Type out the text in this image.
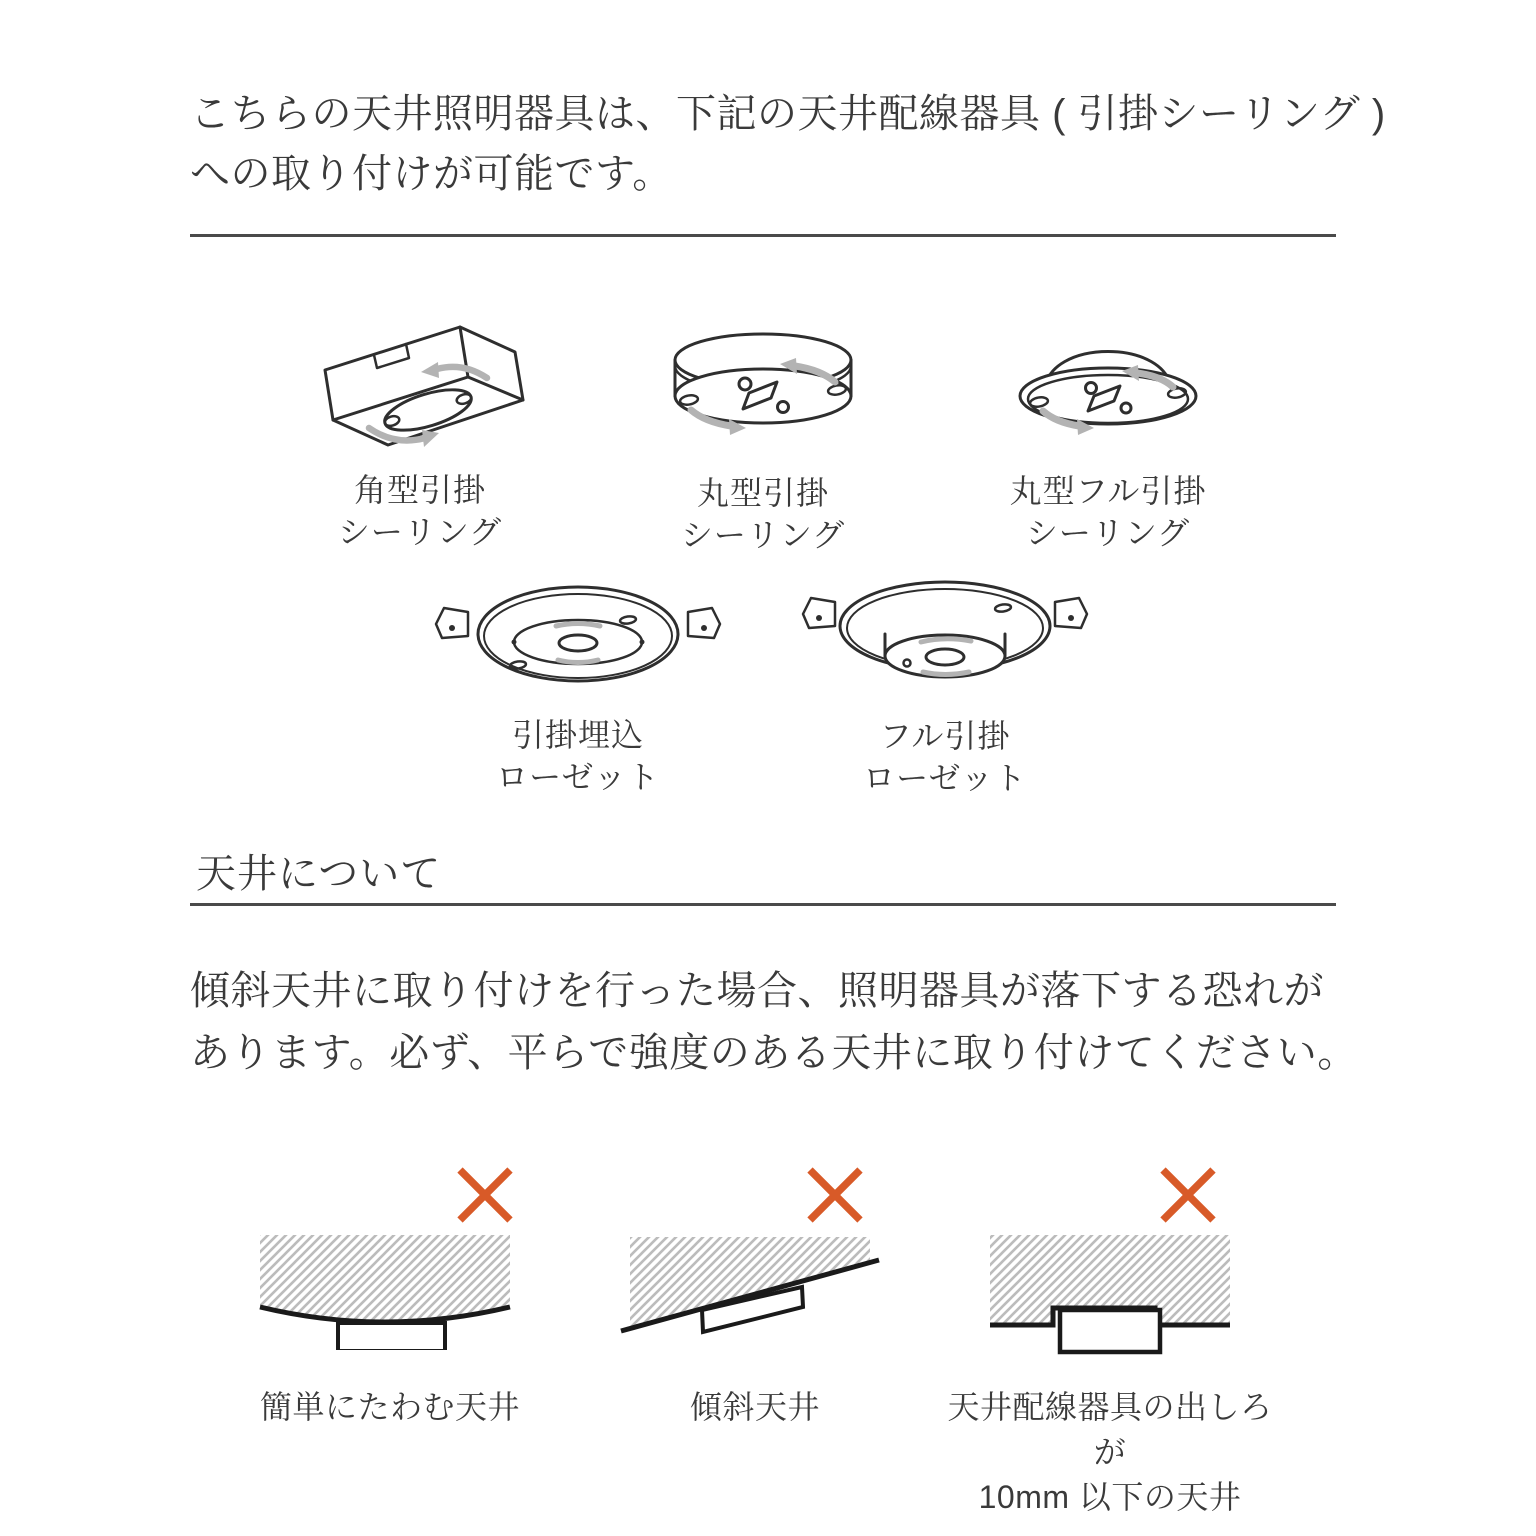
こちらの天井照明器具は、下記の天井配線器具 ( 引掛シーリング )
への取り付けが可能です。
角型引掛
シーリング
丸型引掛
シーリング
丸型フル引掛
シーリング
引掛埋込
ローゼット
フル引掛
ローゼット
天井について
傾斜天井に取り付けを行った場合、照明器具が落下する恐れが
あります。必ず、平らで強度のある天井に取り付けてください。
簡単にたわむ天井	傾斜天井	天井配線器具の出しろが
10mm 以下の天井
